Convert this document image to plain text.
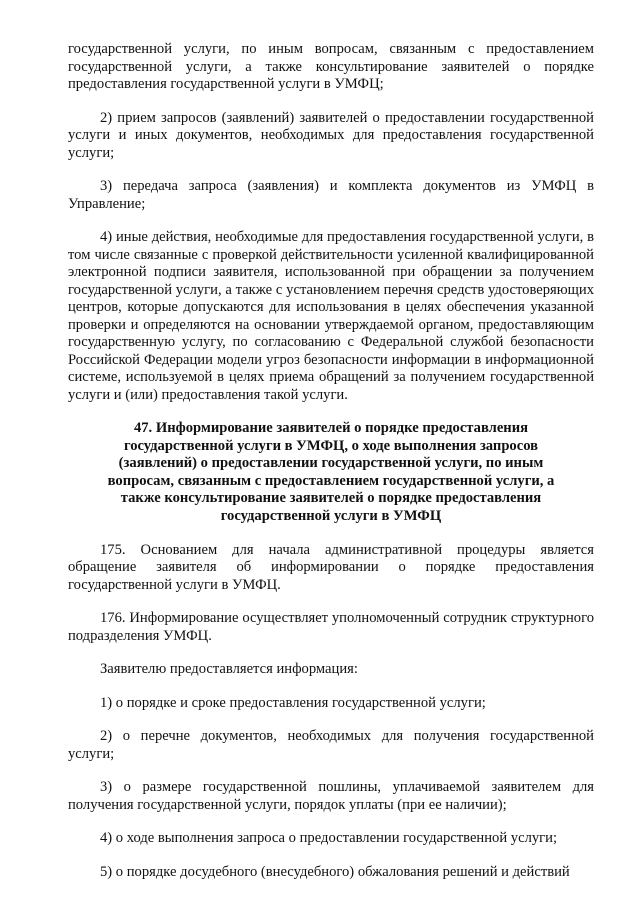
государственной услуги, по иным вопросам, связанным с предоставлением государственной услуги, а также консультирование заявителей о порядке предоставления государственной услуги в УМФЦ;

2) прием запросов (заявлений) заявителей о предоставлении государственной услуги и иных документов, необходимых для предоставления государственной услуги;

3) передача запроса (заявления) и комплекта документов из УМФЦ в Управление;

4) иные действия, необходимые для предоставления государственной услуги, в том числе связанные с проверкой действительности усиленной квалифицированной электронной подписи заявителя, использованной при обращении за получением государственной услуги, а также с установлением перечня средств удостоверяющих центров, которые допускаются для использования в целях обеспечения указанной проверки и определяются на основании утверждаемой органом, предоставляющим государственную услугу, по согласованию с Федеральной службой безопасности Российской Федерации модели угроз безопасности информации в информационной системе, используемой в целях приема обращений за получением государственной услуги и (или) предоставления такой услуги.

47. Информирование заявителей о порядке предоставления государственной услуги в УМФЦ, о ходе выполнения запросов (заявлений) о предоставлении государственной услуги, по иным вопросам, связанным с предоставлением государственной услуги, а также консультирование заявителей о порядке предоставления государственной услуги в УМФЦ

175. Основанием для начала административной процедуры является обращение заявителя об информировании о порядке предоставления государственной услуги в УМФЦ.

176. Информирование осуществляет уполномоченный сотрудник структурного подразделения УМФЦ.

Заявителю предоставляется информация:

1) о порядке и сроке предоставления государственной услуги;

2) о перечне документов, необходимых для получения государственной услуги;

3) о размере государственной пошлины, уплачиваемой заявителем для получения государственной услуги, порядок уплаты (при ее наличии);

4) о ходе выполнения запроса о предоставлении государственной услуги;

5) о порядке досудебного (внесудебного) обжалования решений и действий
